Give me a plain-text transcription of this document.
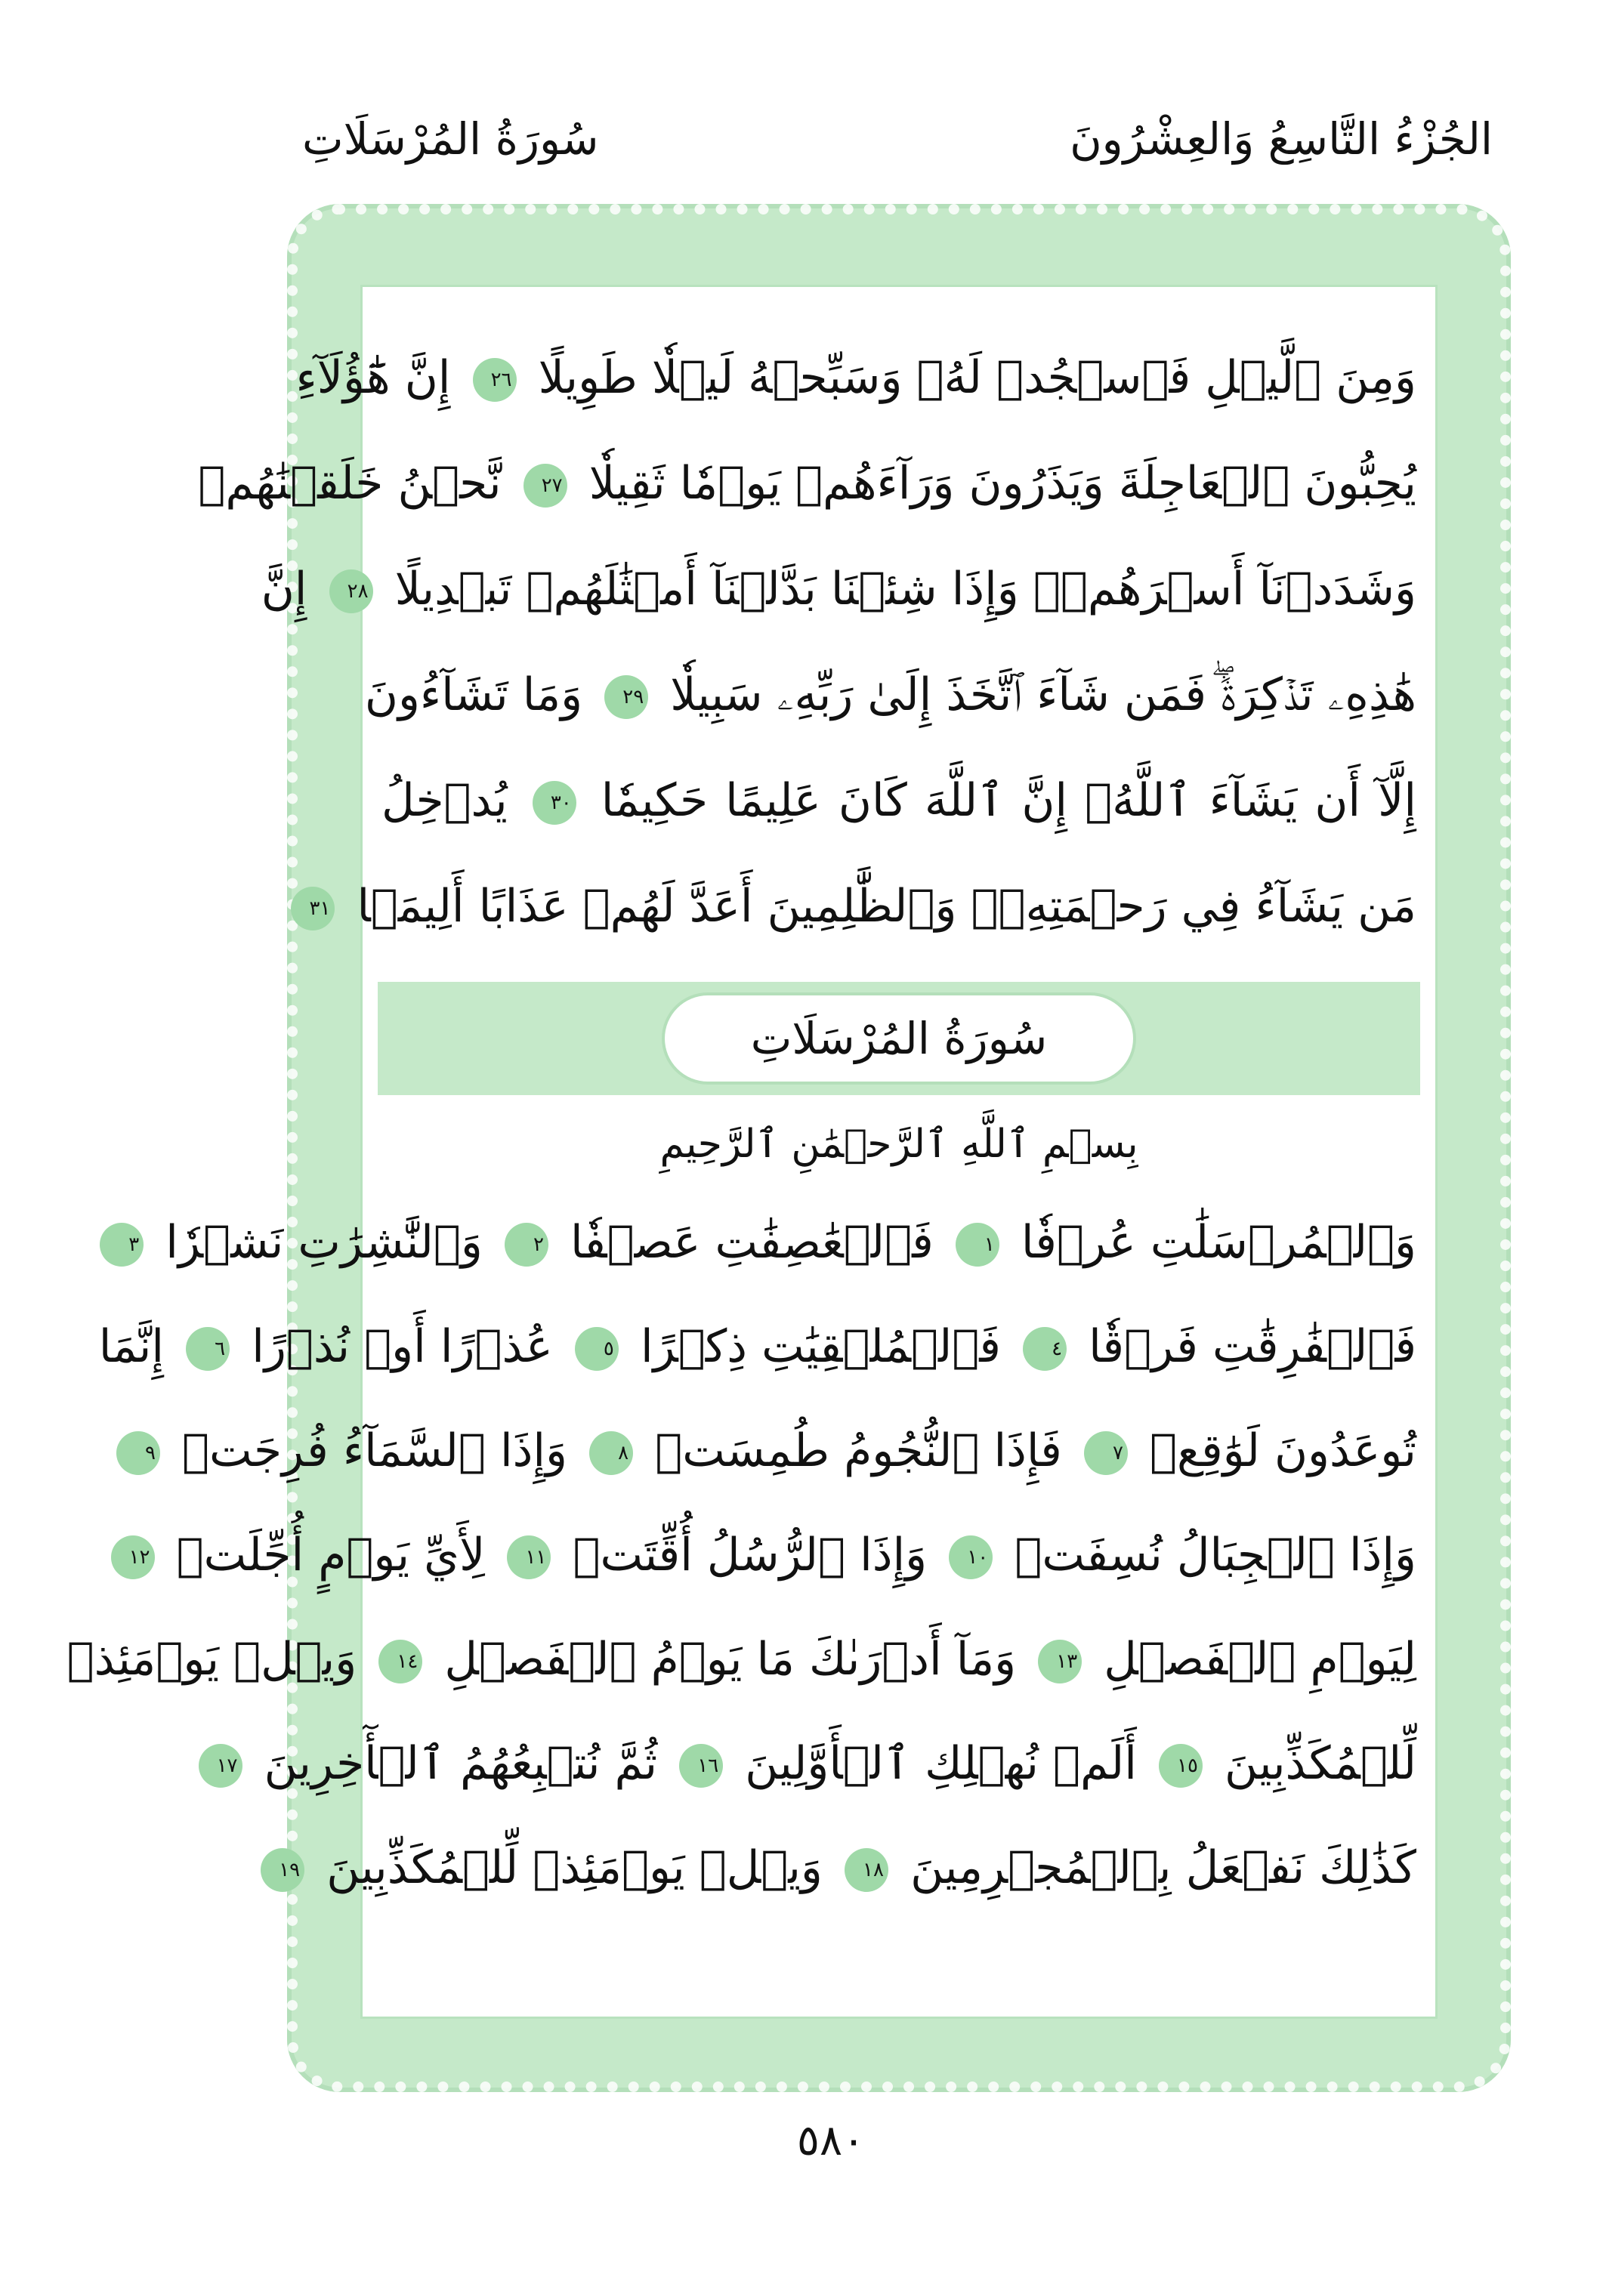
الجُزْءُ التَّاسِعُ وَالعِشْرُونَ
سُورَةُ المُرْسَلَاتِ
وَمِنَ ٱلَّيۡلِ فَٱسۡجُدۡ لَهُۥ وَسَبِّحۡهُ لَيۡلٗا طَوِيلًا ٢٦ إِنَّ هَٰٓؤُلَآءِ
يُحِبُّونَ ٱلۡعَاجِلَةَ وَيَذَرُونَ وَرَآءَهُمۡ يَوۡمٗا ثَقِيلٗا ٢٧ نَّحۡنُ خَلَقۡنَٰهُمۡ
وَشَدَدۡنَآ أَسۡرَهُمۡۖ وَإِذَا شِئۡنَا بَدَّلۡنَآ أَمۡثَٰلَهُمۡ تَبۡدِيلًا ٢٨ إِنَّ
هَٰذِهِۦ تَذۡكِرَةٞۖ فَمَن شَآءَ ٱتَّخَذَ إِلَىٰ رَبِّهِۦ سَبِيلٗا ٢٩ وَمَا تَشَآءُونَ
إِلَّآ أَن يَشَآءَ ٱللَّهُۚ إِنَّ ٱللَّهَ كَانَ عَلِيمًا حَكِيمٗا ٣٠ يُدۡخِلُ
مَن يَشَآءُ فِي رَحۡمَتِهِۦۚ وَٱلظَّٰلِمِينَ أَعَدَّ لَهُمۡ عَذَابًا أَلِيمَۢا ٣١
سُورَةُ المُرْسَلَاتِ
بِسۡمِ ٱللَّهِ ٱلرَّحۡمَٰنِ ٱلرَّحِيمِ
وَٱلۡمُرۡسَلَٰتِ عُرۡفٗا ١ فَٱلۡعَٰصِفَٰتِ عَصۡفٗا ٢ وَٱلنَّٰشِرَٰتِ نَشۡرٗا ٣
فَٱلۡفَٰرِقَٰتِ فَرۡقٗا ٤ فَٱلۡمُلۡقِيَٰتِ ذِكۡرًا ٥ عُذۡرًا أَوۡ نُذۡرًا ٦ إِنَّمَا
تُوعَدُونَ لَوَٰقِعٞ ٧ فَإِذَا ٱلنُّجُومُ طُمِسَتۡ ٨ وَإِذَا ٱلسَّمَآءُ فُرِجَتۡ ٩
وَإِذَا ٱلۡجِبَالُ نُسِفَتۡ ١٠ وَإِذَا ٱلرُّسُلُ أُقِّتَتۡ ١١ لِأَيِّ يَوۡمٍ أُجِّلَتۡ ١٢
لِيَوۡمِ ٱلۡفَصۡلِ ١٣ وَمَآ أَدۡرَىٰكَ مَا يَوۡمُ ٱلۡفَصۡلِ ١٤ وَيۡلٞ يَوۡمَئِذٖ
لِّلۡمُكَذِّبِينَ ١٥ أَلَمۡ نُهۡلِكِ ٱلۡأَوَّلِينَ ١٦ ثُمَّ نُتۡبِعُهُمُ ٱلۡأٓخِرِينَ ١٧
كَذَٰلِكَ نَفۡعَلُ بِٱلۡمُجۡرِمِينَ ١٨ وَيۡلٞ يَوۡمَئِذٖ لِّلۡمُكَذِّبِينَ ١٩
٥٨٠
